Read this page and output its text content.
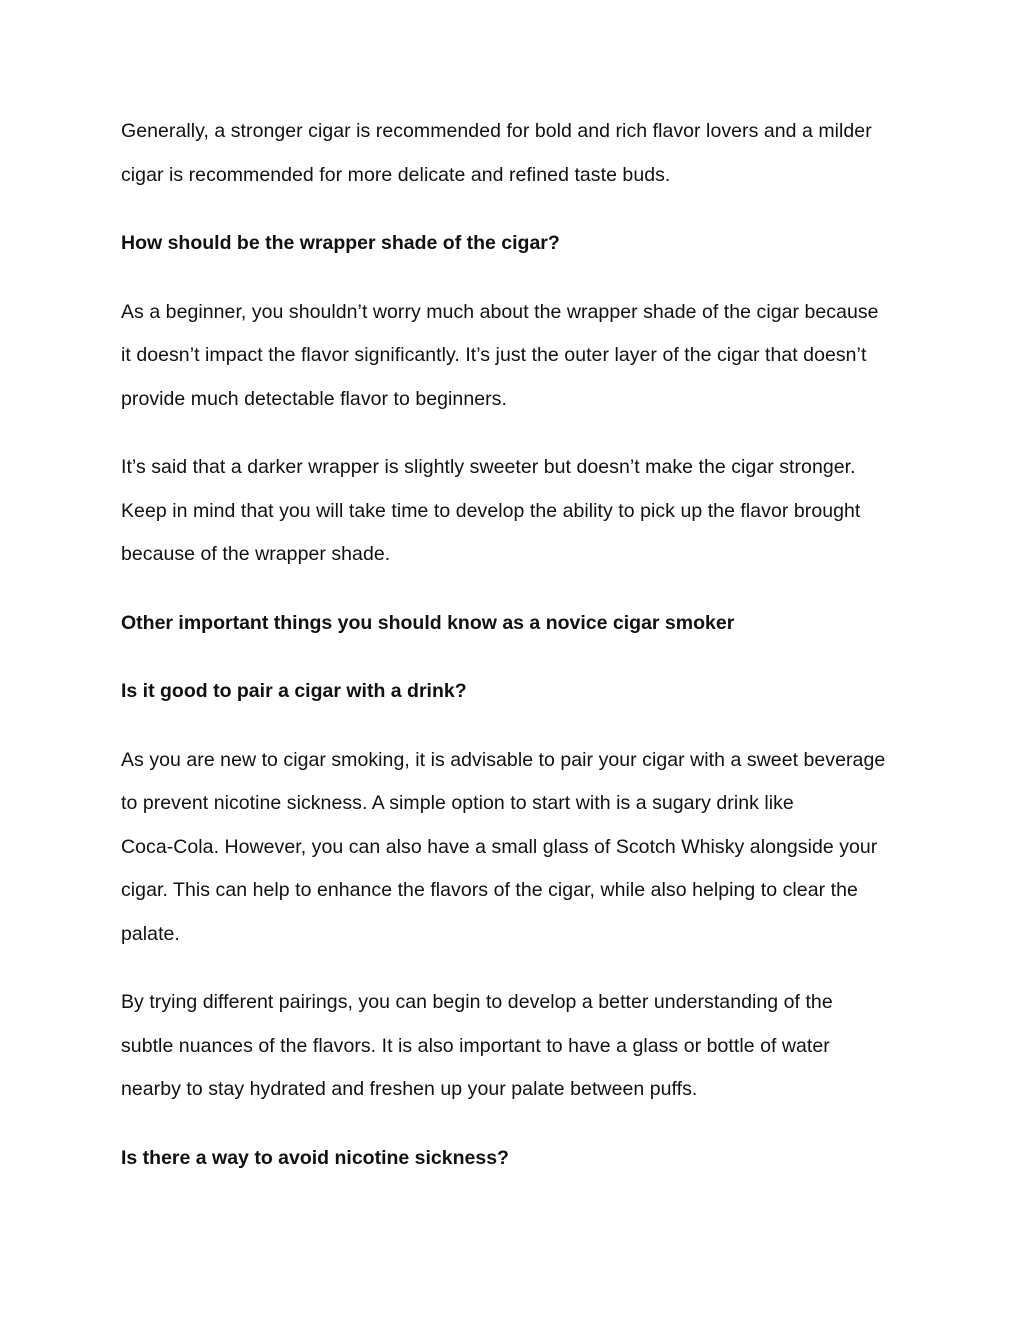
Generally, a stronger cigar is recommended for bold and rich flavor lovers and a milder
cigar is recommended for more delicate and refined taste buds.

How should be the wrapper shade of the cigar?

As a beginner, you shouldn’t worry much about the wrapper shade of the cigar because
it doesn’t impact the flavor significantly. It’s just the outer layer of the cigar that doesn’t
provide much detectable flavor to beginners.

It’s said that a darker wrapper is slightly sweeter but doesn’t make the cigar stronger.
Keep in mind that you will take time to develop the ability to pick up the flavor brought
because of the wrapper shade.

Other important things you should know as a novice cigar smoker

Is it good to pair a cigar with a drink?

As you are new to cigar smoking, it is advisable to pair your cigar with a sweet beverage
to prevent nicotine sickness. A simple option to start with is a sugary drink like
Coca-Cola. However, you can also have a small glass of Scotch Whisky alongside your
cigar. This can help to enhance the flavors of the cigar, while also helping to clear the
palate.

By trying different pairings, you can begin to develop a better understanding of the
subtle nuances of the flavors. It is also important to have a glass or bottle of water
nearby to stay hydrated and freshen up your palate between puffs.

Is there a way to avoid nicotine sickness?
